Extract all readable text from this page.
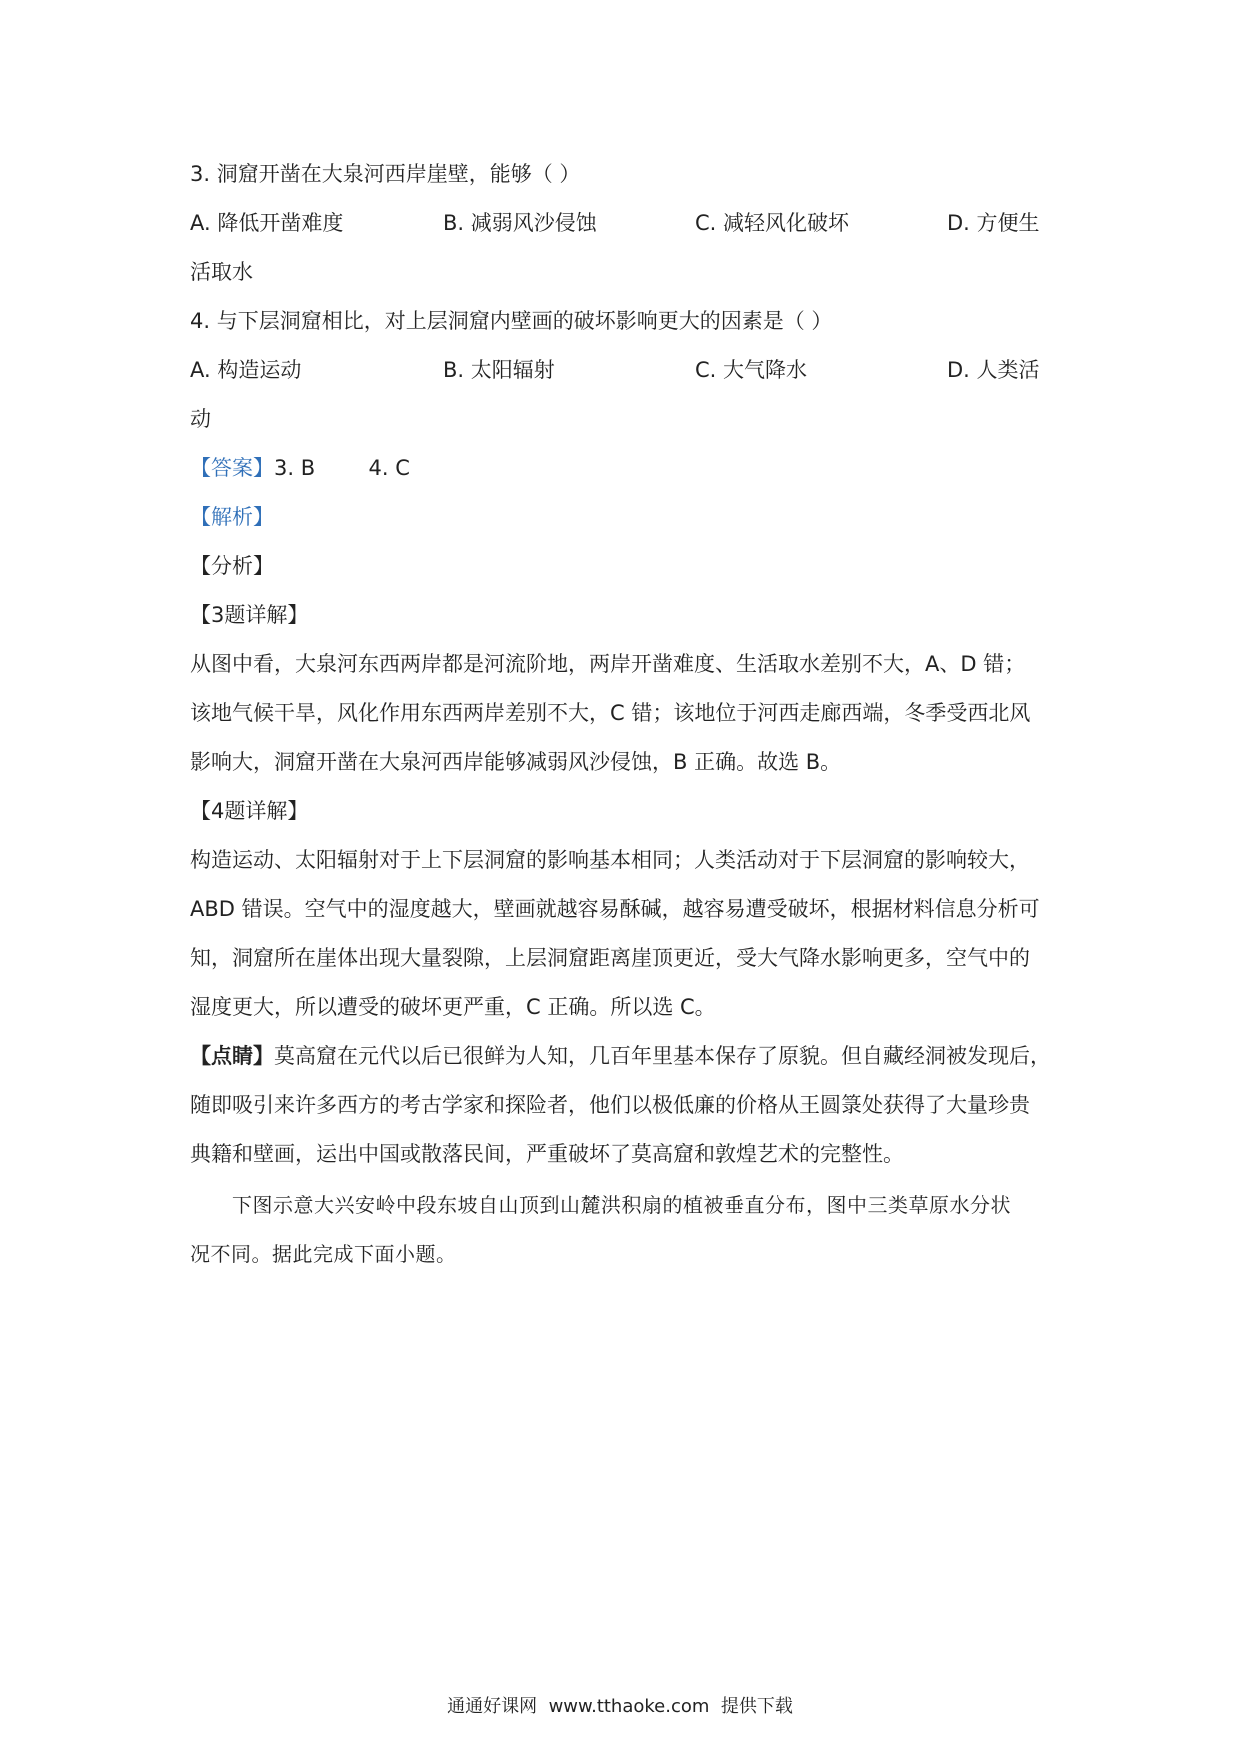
3. 洞窟开凿在大泉河西岸崖壁，能够（ ）
A. 降低开凿难度	B. 减弱风沙侵蚀	C. 减轻风化破坏	D. 方便生
活取水
4. 与下层洞窟相比，对上层洞窟内壁画的破坏影响更大的因素是（ ）
A. 构造运动	B. 太阳辐射	C. 大气降水	D. 人类活
动
【答案】3. B        4. C
【解析】
【分析】
【3题详解】
从图中看，大泉河东西两岸都是河流阶地，两岸开凿难度、生活取水差别不大，A、D 错；
该地气候干旱，风化作用东西两岸差别不大，C 错；该地位于河西走廊西端，冬季受西北风
影响大，洞窟开凿在大泉河西岸能够减弱风沙侵蚀，B 正确。故选 B。
【4题详解】
构造运动、太阳辐射对于上下层洞窟的影响基本相同；人类活动对于下层洞窟的影响较大，
ABD 错误。空气中的湿度越大，壁画就越容易酥碱，越容易遭受破坏，根据材料信息分析可
知，洞窟所在崖体出现大量裂隙，上层洞窟距离崖顶更近，受大气降水影响更多，空气中的
湿度更大，所以遭受的破坏更严重，C 正确。所以选 C。
【点睛】莫高窟在元代以后已很鲜为人知，几百年里基本保存了原貌。但自藏经洞被发现后，
随即吸引来许多西方的考古学家和探险者，他们以极低廉的价格从王圆箓处获得了大量珍贵
典籍和壁画，运出中国或散落民间，严重破坏了莫高窟和敦煌艺术的完整性。
下图示意大兴安岭中段东坡自山顶到山麓洪积扇的植被垂直分布，图中三类草原水分状
况不同。据此完成下面小题。
通通好课网  www.tthaoke.com  提供下载
